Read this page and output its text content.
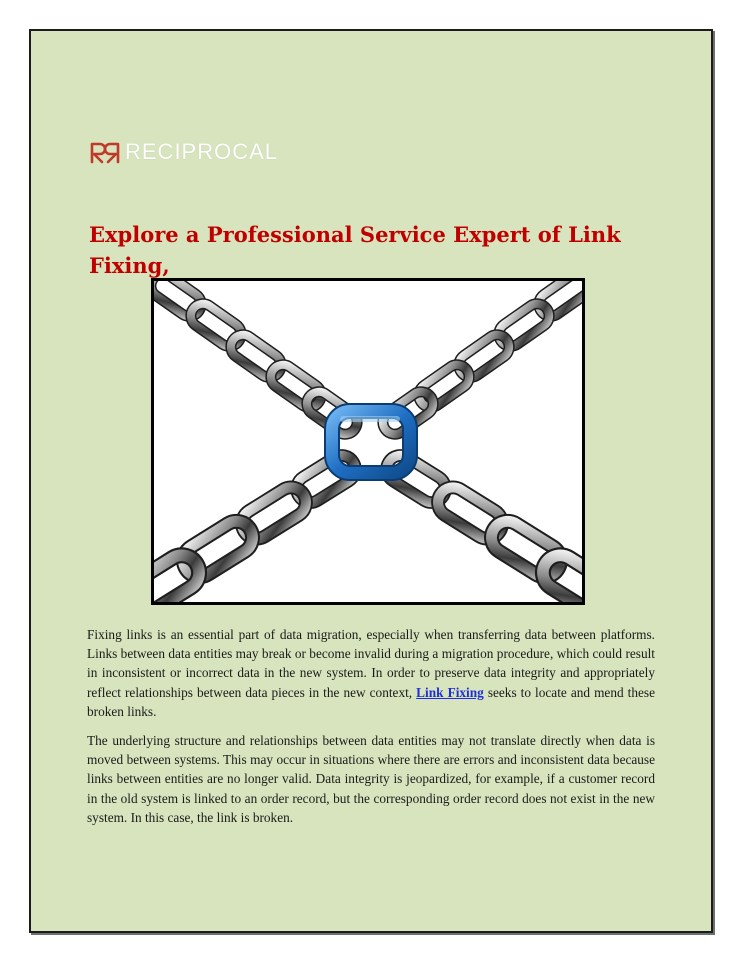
RECIPROCAL
Explore a Professional Service Expert of Link Fixing,

Fixing links is an essential part of data migration, especially when transferring data between platforms. Links between data entities may break or become invalid during a migration procedure, which could result in inconsistent or incorrect data in the new system. In order to preserve data integrity and appropriately reflect relationships between data pieces in the new context, Link Fixing seeks to locate and mend these broken links.

The underlying structure and relationships between data entities may not translate directly when data is moved between systems. This may occur in situations where there are errors and inconsistent data because links between entities are no longer valid. Data integrity is jeopardized, for example, if a customer record in the old system is linked to an order record, but the corresponding order record does not exist in the new system. In this case, the link is broken.
